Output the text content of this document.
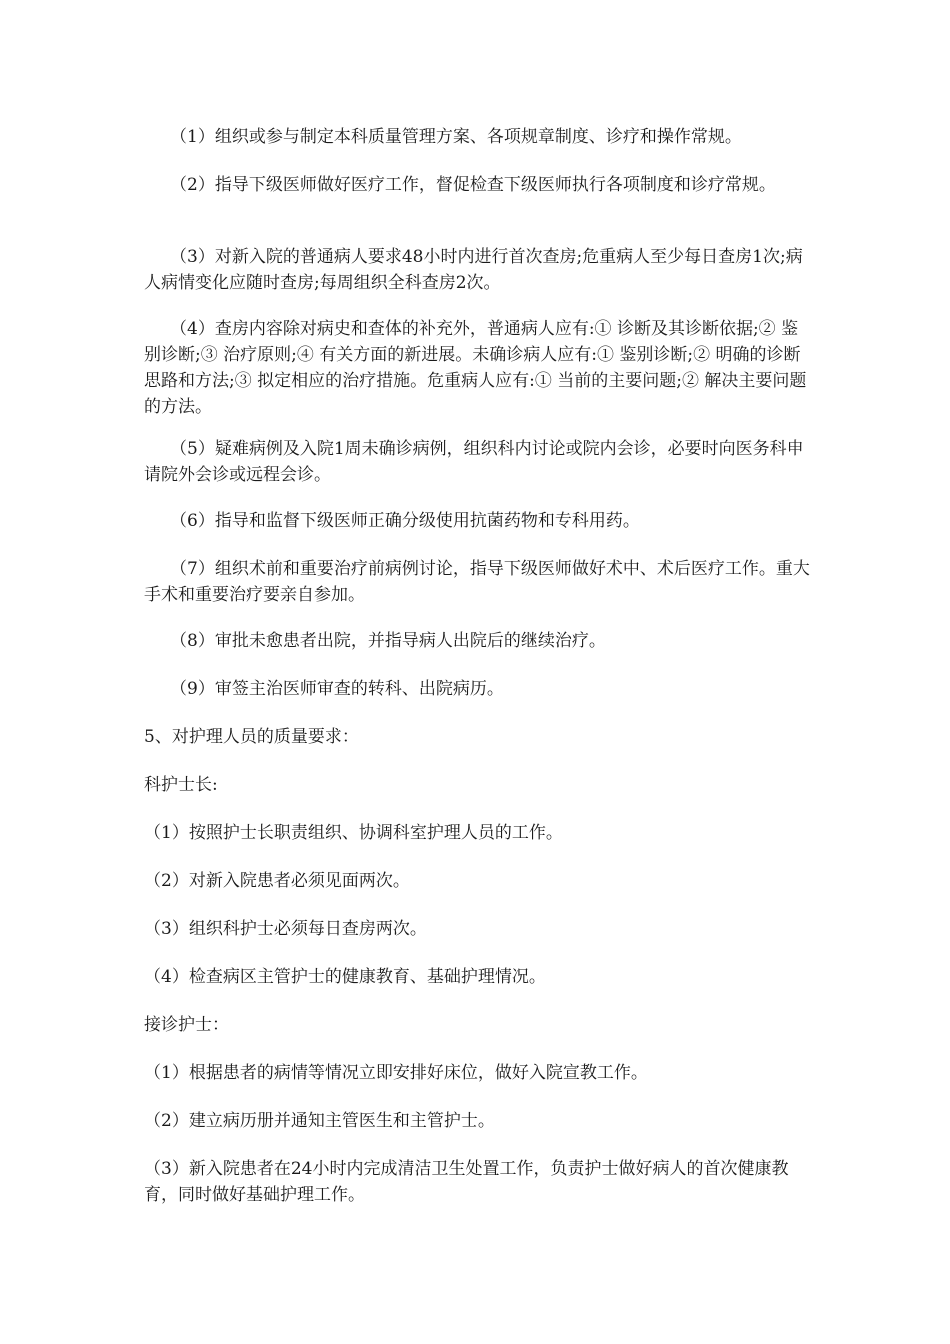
（1）组织或参与制定本科质量管理方案、各项规章制度、诊疗和操作常规。

（2）指导下级医师做好医疗工作，督促检查下级医师执行各项制度和诊疗常规。

（3）对新入院的普通病人要求48小时内进行首次查房;危重病人至少每日查房1次;病人病情变化应随时查房;每周组织全科查房2次。

（4）查房内容除对病史和查体的补充外，普通病人应有:① 诊断及其诊断依据;② 鉴别诊断;③ 治疗原则;④ 有关方面的新进展。未确诊病人应有:① 鉴别诊断;② 明确的诊断思路和方法;③ 拟定相应的治疗措施。危重病人应有:① 当前的主要问题;② 解决主要问题的方法。

（5）疑难病例及入院1周未确诊病例，组织科内讨论或院内会诊，必要时向医务科申请院外会诊或远程会诊。

（6）指导和监督下级医师正确分级使用抗菌药物和专科用药。

（7）组织术前和重要治疗前病例讨论，指导下级医师做好术中、术后医疗工作。重大手术和重要治疗要亲自参加。

（8）审批未愈患者出院，并指导病人出院后的继续治疗。

（9）审签主治医师审查的转科、出院病历。

5、对护理人员的质量要求：

科护士长:

（1）按照护士长职责组织、协调科室护理人员的工作。

（2）对新入院患者必须见面两次。

（3）组织科护士必须每日查房两次。

（4）检查病区主管护士的健康教育、基础护理情况。

接诊护士：

（1）根据患者的病情等情况立即安排好床位，做好入院宣教工作。

（2）建立病历册并通知主管医生和主管护士。

（3）新入院患者在24小时内完成清洁卫生处置工作，负责护士做好病人的首次健康教育，同时做好基础护理工作。
